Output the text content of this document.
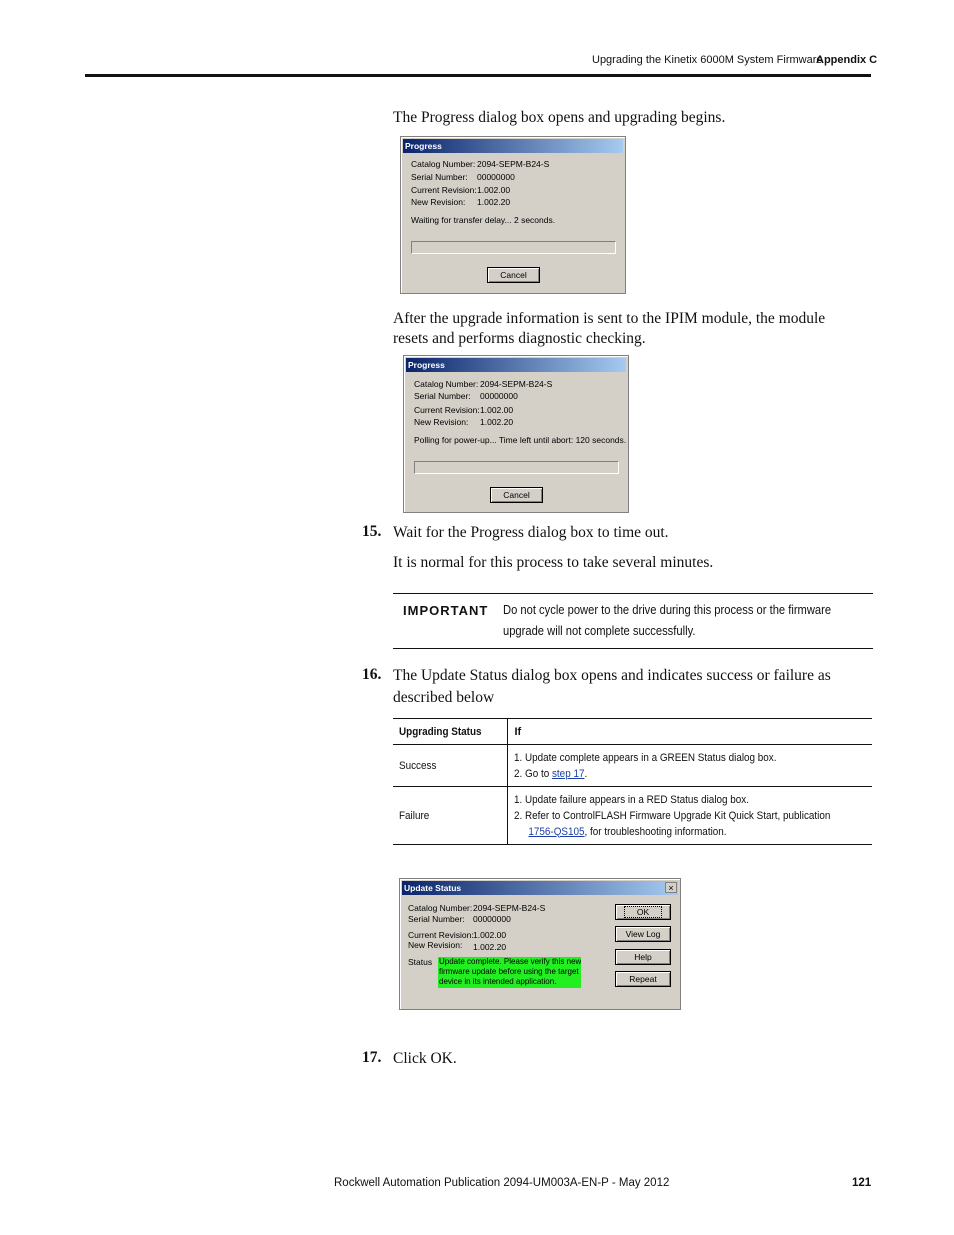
Upgrading the Kinetix 6000M System Firmware
Appendix C
The Progress dialog box opens and upgrading begins.
Progress
Catalog Number: 2094-SEPM-B24-S
Serial Number: 00000000
Current Revision: 1.002.00
New Revision: 1.002.20
Waiting for transfer delay... 2 seconds.
Cancel
After the upgrade information is sent to the IPIM module, the module resets and performs diagnostic checking.
Progress
Catalog Number: 2094-SEPM-B24-S
Serial Number: 00000000
Current Revision: 1.002.00
New Revision: 1.002.20
Polling for power-up... Time left until abort: 120 seconds.
Cancel
15. Wait for the Progress dialog box to time out.
It is normal for this process to take several minutes.
IMPORTANT Do not cycle power to the drive during this process or the firmware
upgrade will not complete successfully.
16. The Update Status dialog box opens and indicates success or failure as
described below
Upgrading Status	If

Success	1. Update complete appears in a GREEN Status dialog box.
2. Go to step 17.

Failure	1. Update failure appears in a RED Status dialog box.
2. Refer to ControlFLASH Firmware Upgrade Kit Quick Start, publication
1756-QS105, for troubleshooting information.
Update Status	×
Catalog Number: 2094-SEPM-B24-S
Serial Number: 00000000
Current Revision: 1.002.00
New Revision: 1.002.20
Status Update complete. Please verify this new
firmware update before using the target
device in its intended application.
OK
View Log
Help
Repeat
17. Click OK.
Rockwell Automation Publication 2094-UM003A-EN-P - May 2012	121
